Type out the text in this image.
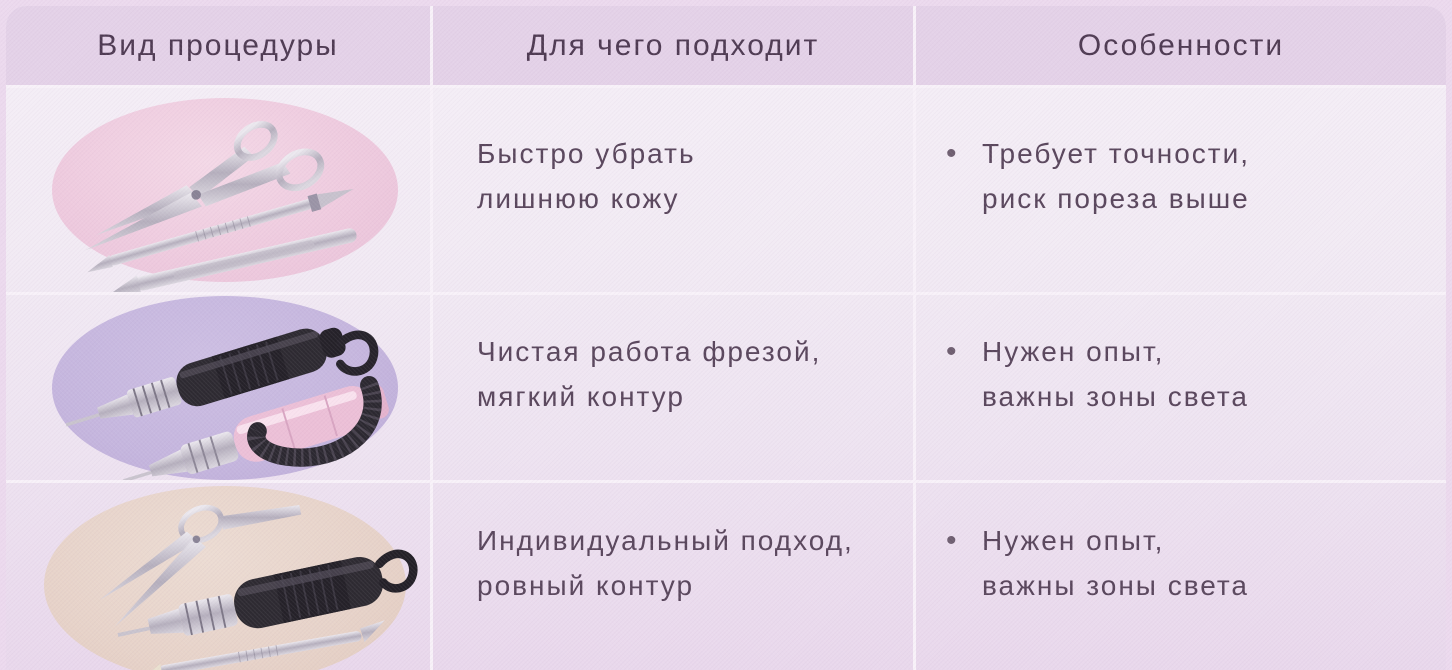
Вид процедуры	Для чего подходит	Особенности
Быстро убрать
лишнюю кожу
• Требует точности,
риск пореза выше
Чистая работа фрезой,
мягкий контур
• Нужен опыт,
важны зоны света
Индивидуальный подход,
ровный контур
• Нужен опыт,
важны зоны света
